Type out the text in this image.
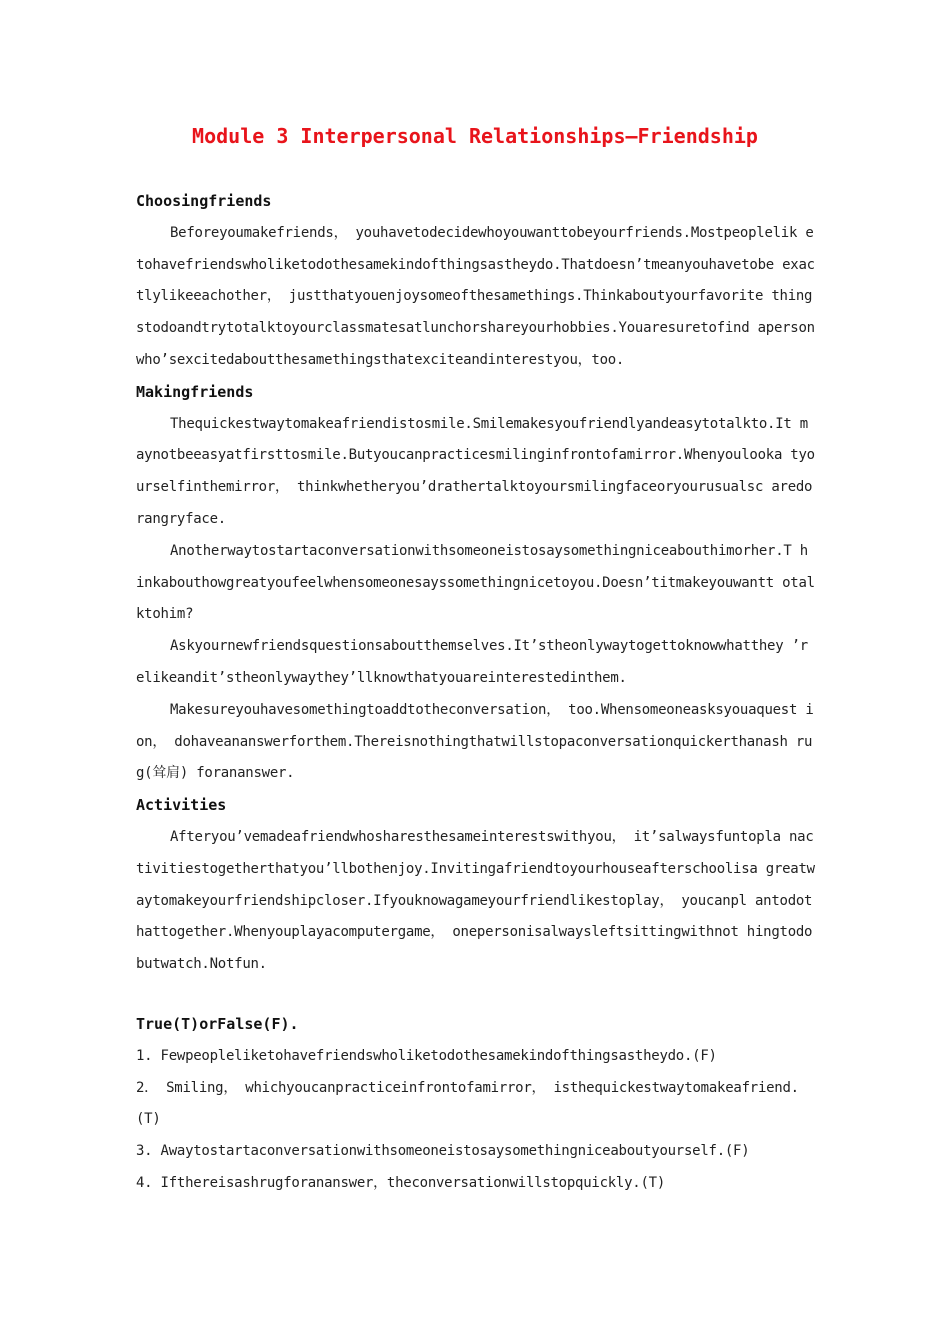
Module 3 Interpersonal Relationships—Friendship
Choosingfriends
Beforeyoumakefriends， youhavetodecidewhoyouwanttobeyourfriends.Mostpeoplelik etohavefriendswholiketodothesamekindofthingsastheydo.Thatdoesn’tmeanyouhavetobe exactlylikeeachother， justthatyouenjoysomeofthesamethings.Thinkaboutyourfavorite thingstodoandtrytotalktoyourclassmatesatlunchorshareyourhobbies.Youaresuretofind apersonwho’sexcitedaboutthesamethingsthatexciteandinterestyou，too.
Makingfriends
Thequickestwaytomakeafriendistosmile.Smilemakesyoufriendlyandeasytotalkto.It maynotbeeasyatfirsttosmile.Butyoucanpracticesmilinginfrontofamirror.Whenyoulooka tyourselfinthemirror， thinkwhetheryou’drathertalktoyoursmilingfaceoryourusualsc aredorangryface.
Anotherwaytostartaconversationwithsomeoneistosaysomethingniceabouthimorher.T hinkabouthowgreatyoufeelwhensomeonesayssomethingnicetoyou.Doesn’titmakeyouwantt otalktohim?
Askyournewfriendsquestionsaboutthemselves.It’stheonlywaytogettoknowwhatthey ’relikeandit’stheonlywaythey’llknowthatyouareinterestedinthem.
Makesureyouhavesomethingtoaddtotheconversation， too.Whensomeoneasksyouaquest ion， dohaveananswerforthem.Thereisnothingthatwillstopaconversationquickerthanash rug(耸肩) forananswer.
Activities
Afteryou’vemadeafriendwhosharesthesameinterestswithyou， it’salwaysfuntopla nactivitiestogetherthatyou’llbothenjoy.Invitingafriendtoyourhouseafterschoolisa greatwaytomakeyourfriendshipcloser.Ifyouknowagameyourfriendlikestoplay， youcanpl antodothattogether.Whenyouplayacomputergame， onepersonisalwaysleftsittingwithnot hingtodobutwatch.Notfun.
True(T)orFalse(F).
1. Fewpeopleliketohavefriendswholiketodothesamekindofthingsastheydo.(F)
2． Smiling， whichyoucanpracticeinfrontofamirror， isthequickestwaytomakeafriend.(T)
3. Awaytostartaconversationwithsomeoneistosaysomethingniceaboutyourself.(F)
4. Ifthereisashrugforananswer，theconversationwillstopquickly.(T)
